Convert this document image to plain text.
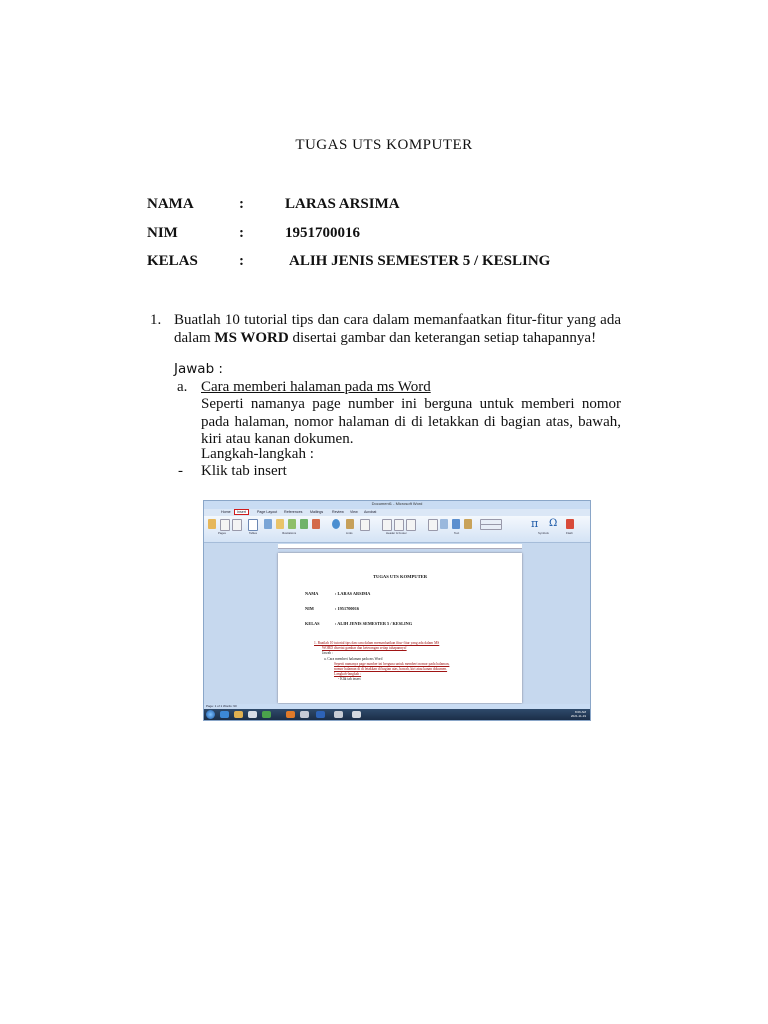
TUGAS UTS KOMPUTER
NAMA	:	LARAS ARSIMA
NIM	:	1951700016
KELAS	:	ALIH JENIS SEMESTER 5 / KESLING
1. Buatlah 10 tutorial tips dan cara dalam memanfaatkan fitur-fitur yang ada dalam MS WORD disertai gambar dan keterangan setiap tahapannya!
Jawab :
a. Cara memberi halaman pada ms Word
Seperti namanya page number ini berguna untuk memberi nomor pada halaman, nomor halaman di di letakkan di bagian atas, bawah, kiri atau kanan dokumen.
Langkah-langkah :
- Klik tab insert
Document1 - Microsoft Word
Home	Insert	Page Layout References Mailings Review View Acrobat
π Ω
Pages	Tables	Illustrations	Links	Header & Footer	Text	Symbols	Flash
TUGAS UTS KOMPUTER
NAMA	: LARAS ARSIMA
NIM	: 1951700016
KELAS	: ALIH JENIS SEMESTER 5 / KESLING
1. Buatlah 10 tutorial tips dan cara dalam memanfaatkan fitur-fitur yang ada dalam MS
WORD disertai gambar dan keterangan setiap tahapannya!
Jawab :
a. Cara memberi halaman pada ms Word
Seperti namanya page number ini berguna untuk memberi nomor pada halaman,
nomor halaman di di letakkan di bagian atas, bawah, kiri atau kanan dokumen.
Langkah-langkah :
- Klik tab insert
Page: 1 of 1 Words: 90
8:06 AM
2021-11-19
